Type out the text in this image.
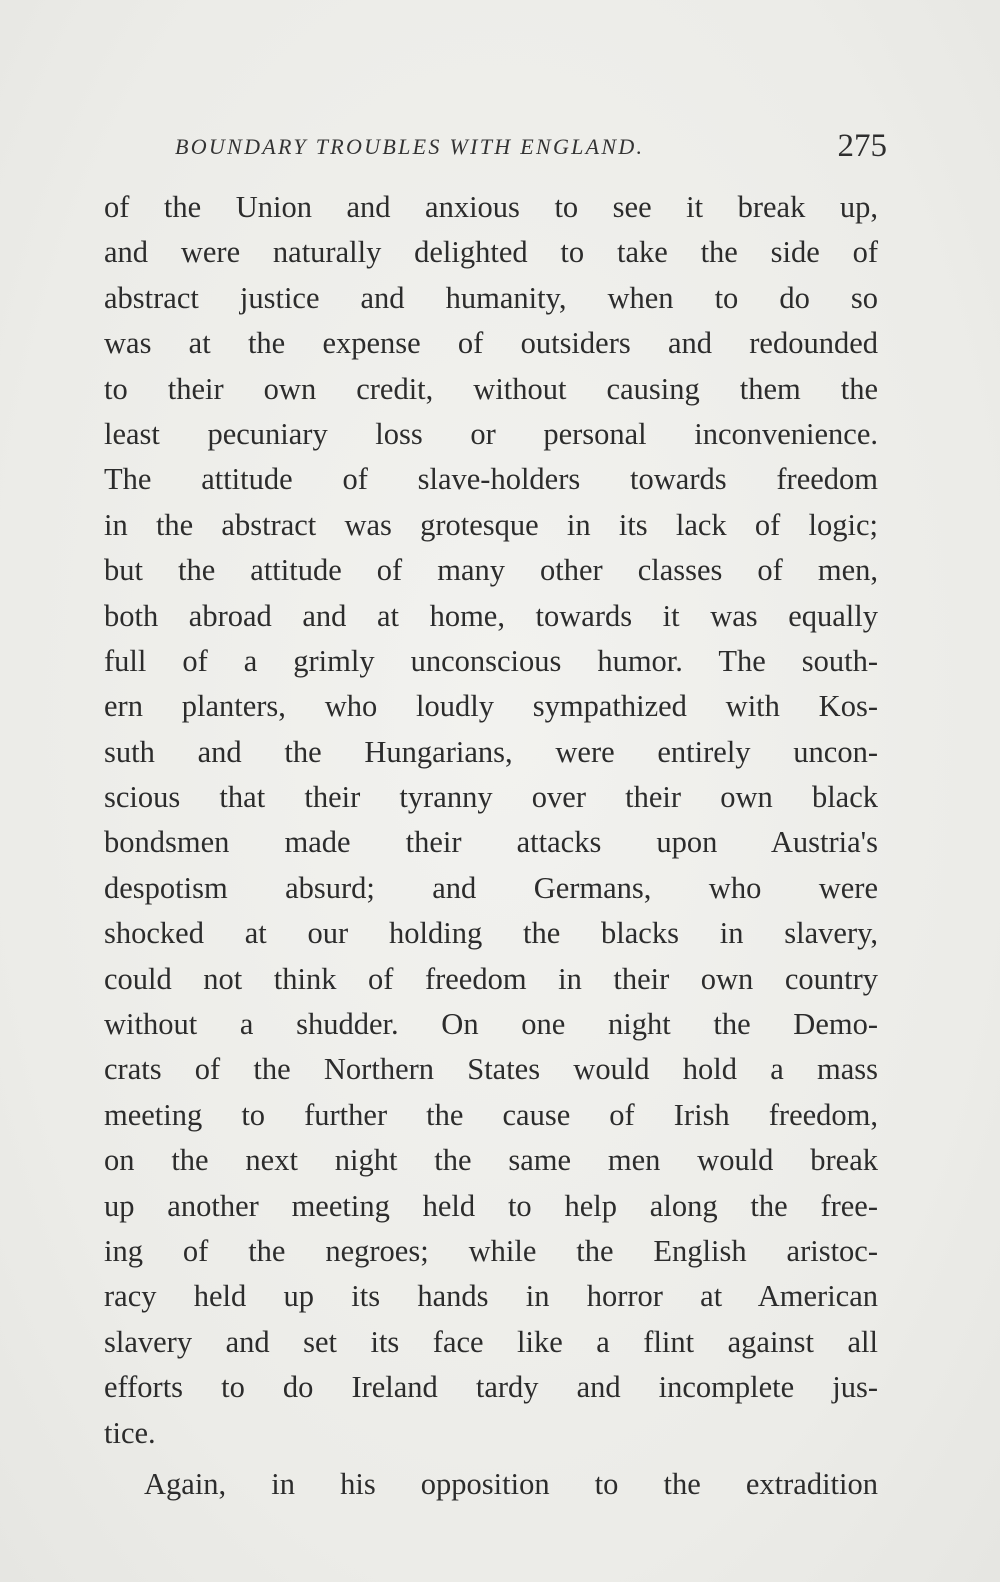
BOUNDARY TROUBLES WITH ENGLAND.	275
of the Union and anxious to see it break up,
and were naturally delighted to take the side of
abstract justice and humanity, when to do so
was at the expense of outsiders and redounded
to their own credit, without causing them the
least pecuniary loss or personal inconvenience.
The attitude of slave-holders towards freedom
in the abstract was grotesque in its lack of logic;
but the attitude of many other classes of men,
both abroad and at home, towards it was equally
full of a grimly unconscious humor. The south-
ern planters, who loudly sympathized with Kos-
suth and the Hungarians, were entirely uncon-
scious that their tyranny over their own black
bondsmen made their attacks upon Austria's
despotism absurd; and Germans, who were
shocked at our holding the blacks in slavery,
could not think of freedom in their own country
without a shudder. On one night the Demo-
crats of the Northern States would hold a mass
meeting to further the cause of Irish freedom,
on the next night the same men would break
up another meeting held to help along the free-
ing of the negroes; while the English aristoc-
racy held up its hands in horror at American
slavery and set its face like a flint against all
efforts to do Ireland tardy and incomplete jus-
tice.
Again, in his opposition to the extradition
